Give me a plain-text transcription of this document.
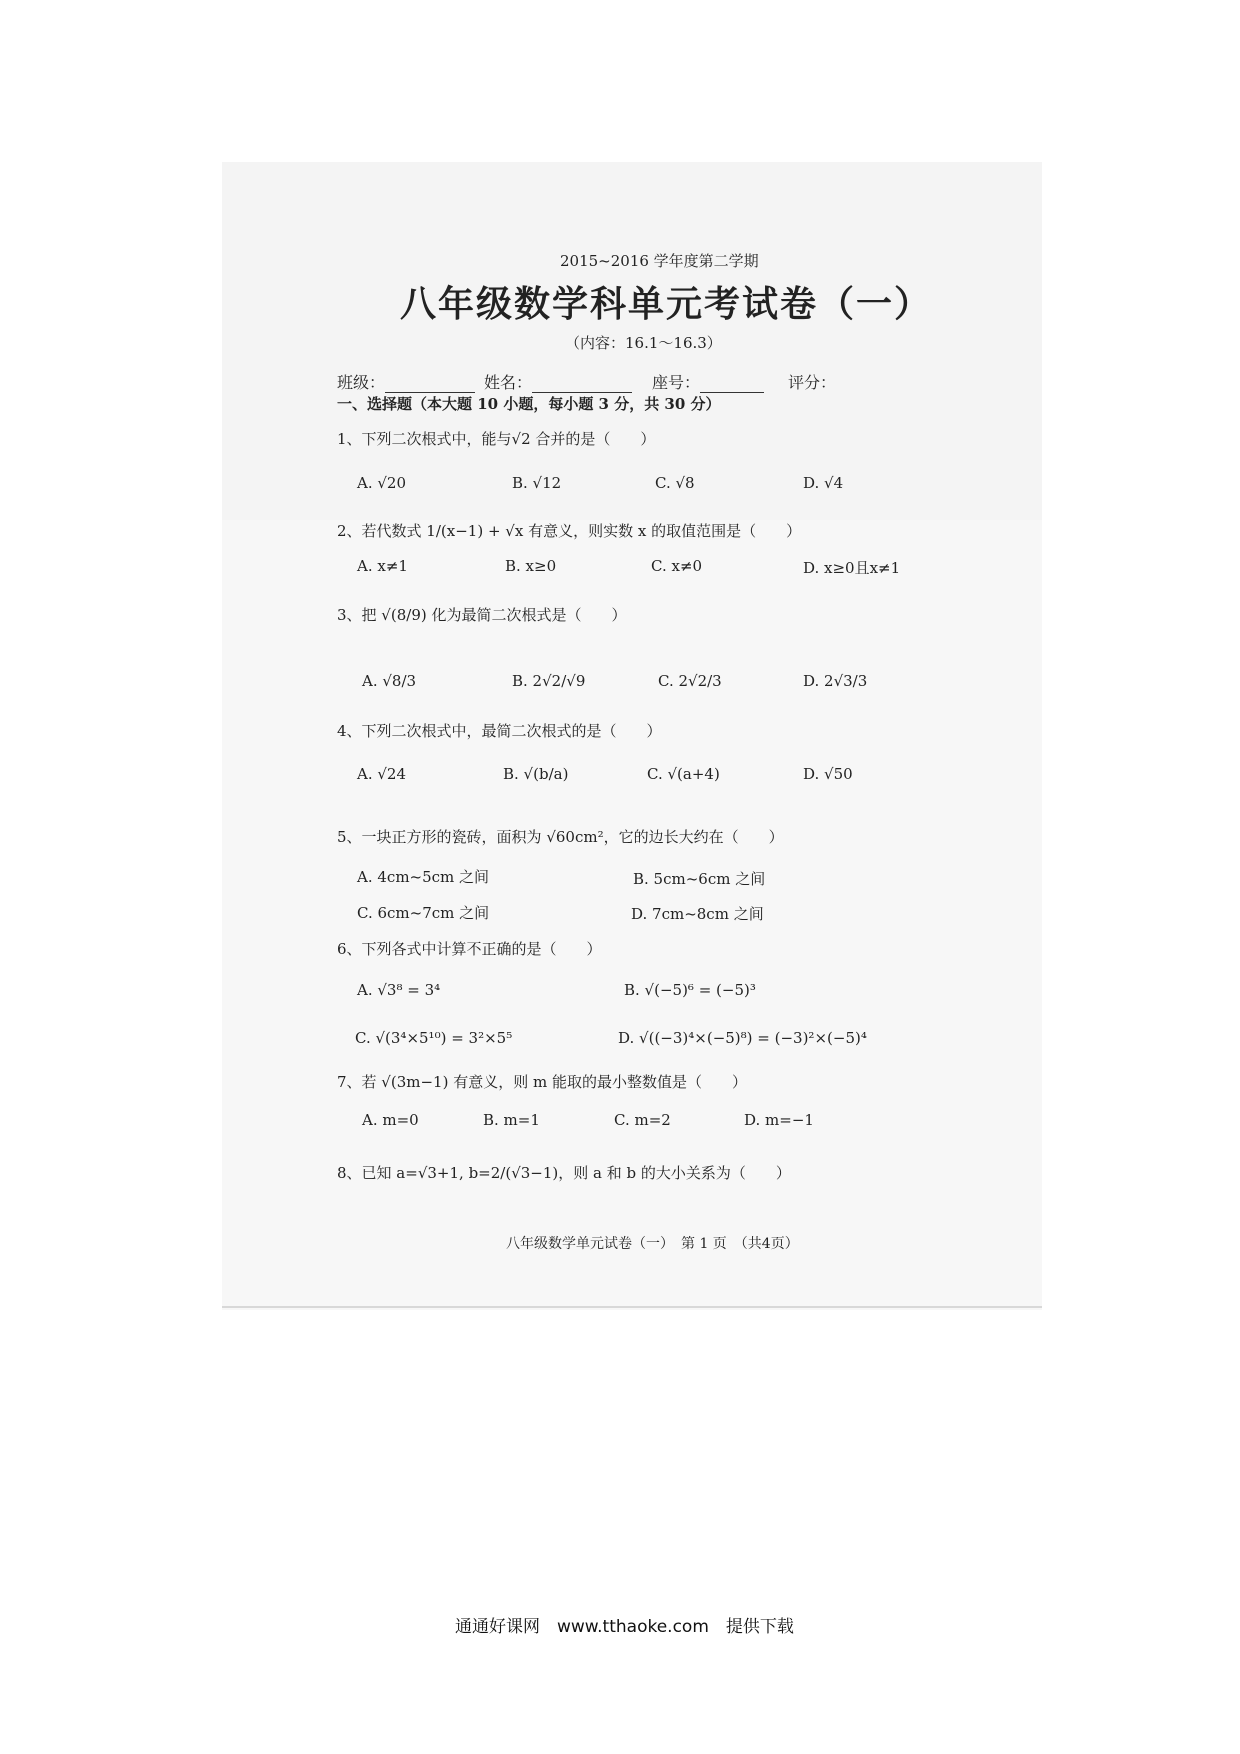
2015~2016 学年度第二学期
八年级数学科单元考试卷（一）
（内容：16.1～16.3）
班级：	姓名：	座号：	评分：
一、选择题（本大题 10 小题，每小题 3 分，共 30 分）
1、下列二次根式中，能与√2 合并的是（　　）
A. √20	B. √12	C. √8	D. √4
2、若代数式 1/(x−1) + √x 有意义，则实数 x 的取值范围是（　　）
A. x≠1	B. x≥0	C. x≠0	D. x≥0且x≠1
3、把 √(8/9) 化为最简二次根式是（　　）
A. √8/3	B. 2√2/√9	C. 2√2/3	D. 2√3/3
4、下列二次根式中，最简二次根式的是（　　）
A. √24	B. √(b/a)	C. √(a+4)	D. √50
5、一块正方形的瓷砖，面积为 √60cm²，它的边长大约在（　　）
A. 4cm~5cm 之间	B. 5cm~6cm 之间
C. 6cm~7cm 之间	D. 7cm~8cm 之间
6、下列各式中计算不正确的是（　　）
A. √3⁸ = 3⁴	B. √(−5)⁶ = (−5)³
C. √(3⁴×5¹⁰) = 3²×5⁵	D. √((−3)⁴×(−5)⁸) = (−3)²×(−5)⁴
7、若 √(3m−1) 有意义，则 m 能取的最小整数值是（　　）
A. m=0	B. m=1	C. m=2	D. m=−1
8、已知 a=√3+1, b=2/(√3−1)，则 a 和 b 的大小关系为（　　）
八年级数学单元试卷（一）　第 1 页　（共4页）
通通好课网　www.tthaoke.com　提供下载
